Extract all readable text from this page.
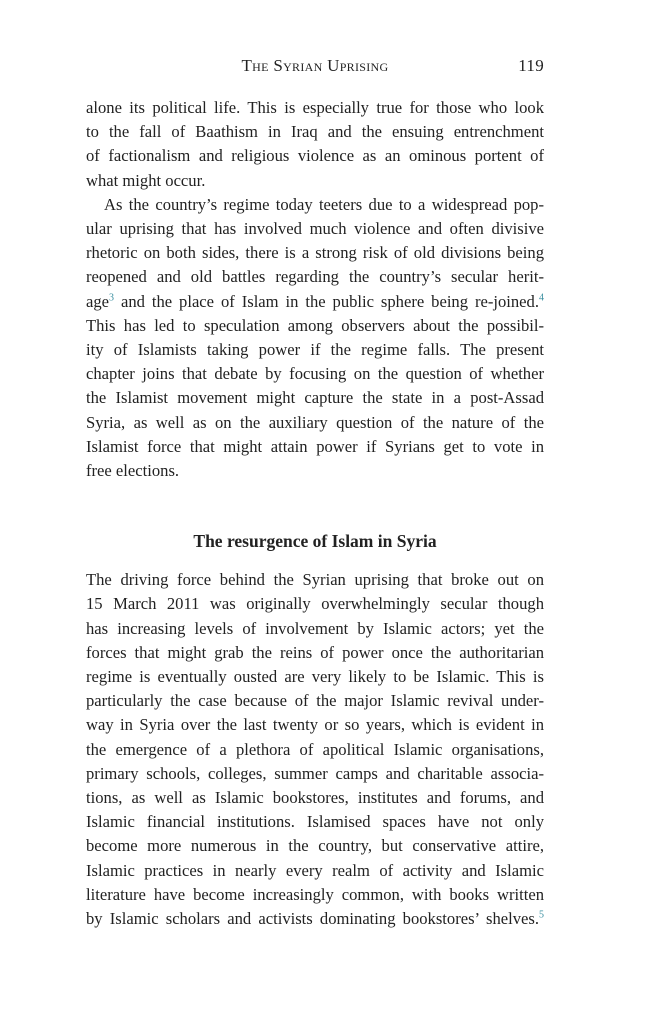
The Syrian Uprising	119

alone its political life. This is especially true for those who look
to the fall of Baathism in Iraq and the ensuing entrenchment
of factionalism and religious violence as an ominous portent of
what might occur.

As the country’s regime today teeters due to a widespread pop-
ular uprising that has involved much violence and often divisive
rhetoric on both sides, there is a strong risk of old divisions being
reopened and old battles regarding the country’s secular herit-
age$^3$ and the place of Islam in the public sphere being re-joined.$^4$
This has led to speculation among observers about the possibil-
ity of Islamists taking power if the regime falls. The present
chapter joins that debate by focusing on the question of whether
the Islamist movement might capture the state in a post-Assad
Syria, as well as on the auxiliary question of the nature of the
Islamist force that might attain power if Syrians get to vote in
free elections.

The resurgence of Islam in Syria

The driving force behind the Syrian uprising that broke out on
15 March 2011 was originally overwhelmingly secular though
has increasing levels of involvement by Islamic actors; yet the
forces that might grab the reins of power once the authoritarian
regime is eventually ousted are very likely to be Islamic. This is
particularly the case because of the major Islamic revival under-
way in Syria over the last twenty or so years, which is evident in
the emergence of a plethora of apolitical Islamic organisations,
primary schools, colleges, summer camps and charitable associa-
tions, as well as Islamic bookstores, institutes and forums, and
Islamic financial institutions. Islamised spaces have not only
become more numerous in the country, but conservative attire,
Islamic practices in nearly every realm of activity and Islamic
literature have become increasingly common, with books written
by Islamic scholars and activists dominating bookstores’ shelves.$^5$
